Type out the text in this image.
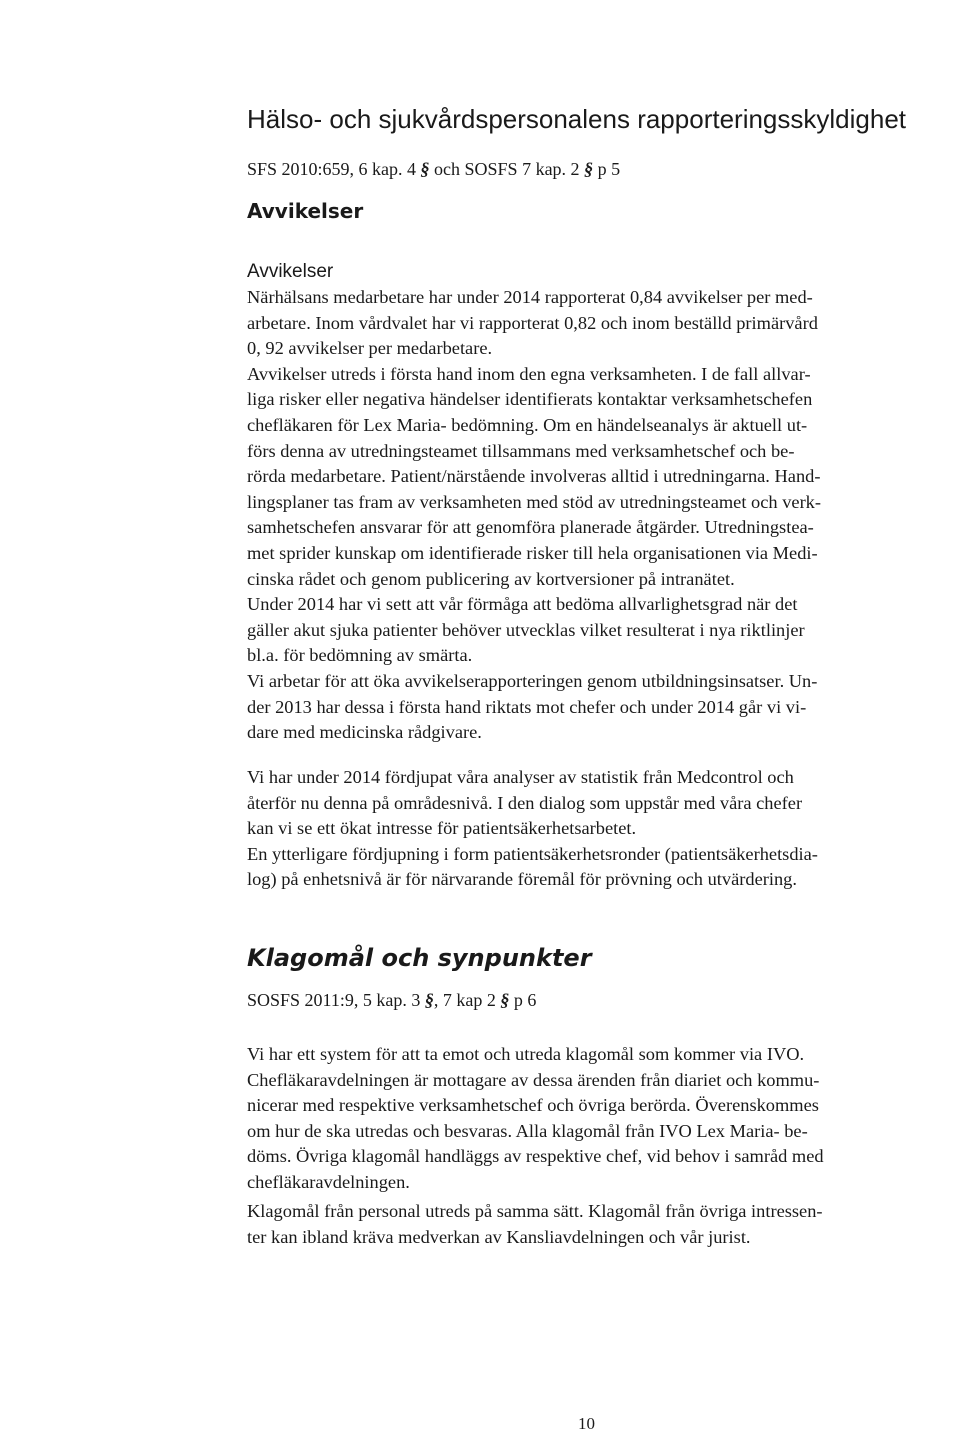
Hälso- och sjukvårdspersonalens rapporteringsskyldighet

SFS 2010:659, 6 kap. 4 § och SOSFS 7 kap. 2 § p 5

Avvikelser

Avvikelser

Närhälsans medarbetare har under 2014 rapporterat 0,84 avvikelser per med-
arbetare. Inom vårdvalet har vi rapporterat 0,82 och inom beställd primärvård
0, 92 avvikelser per medarbetare.
Avvikelser utreds i första hand inom den egna verksamheten. I de fall allvar-
liga risker eller negativa händelser identifierats kontaktar verksamhetschefen
chefläkaren för Lex Maria- bedömning. Om en händelseanalys är aktuell ut-
förs denna av utredningsteamet tillsammans med verksamhetschef och be-
rörda medarbetare. Patient/närstående involveras alltid i utredningarna. Hand-
lingsplaner tas fram av verksamheten med stöd av utredningsteamet och verk-
samhetschefen ansvarar för att genomföra planerade åtgärder. Utredningstea-
met sprider kunskap om identifierade risker till hela organisationen via Medi-
cinska rådet och genom publicering av kortversioner på intranätet.
Under 2014 har vi sett att vår förmåga att bedöma allvarlighetsgrad när det
gäller akut sjuka patienter behöver utvecklas vilket resulterat i nya riktlinjer
bl.a. för bedömning av smärta.
Vi arbetar för att öka avvikelserapporteringen genom utbildningsinsatser. Un-
der 2013 har dessa i första hand riktats mot chefer och under 2014 går vi vi-
dare med medicinska rådgivare.
Vi har under 2014 fördjupat våra analyser av statistik från Medcontrol och
återför nu denna på områdesnivå. I den dialog som uppstår med våra chefer
kan vi se ett ökat intresse för patientsäkerhetsarbetet.
En ytterligare fördjupning i form patientsäkerhetsronder (patientsäkerhetsdia-
log) på enhetsnivå är för närvarande föremål för prövning och utvärdering.
Klagomål och synpunkter

SOSFS 2011:9, 5 kap. 3 §, 7 kap 2 § p 6

Vi har ett system för att ta emot och utreda klagomål som kommer via IVO.
Chefläkaravdelningen är mottagare av dessa ärenden från diariet och kommu-
nicerar med respektive verksamhetschef och övriga berörda. Överenskommes
om hur de ska utredas och besvaras. Alla klagomål från IVO Lex Maria- be-
döms. Övriga klagomål handläggs av respektive chef, vid behov i samråd med
chefläkaravdelningen.
Klagomål från personal utreds på samma sätt. Klagomål från övriga intressen-
ter kan ibland kräva medverkan av Kansliavdelningen och vår jurist.
10
